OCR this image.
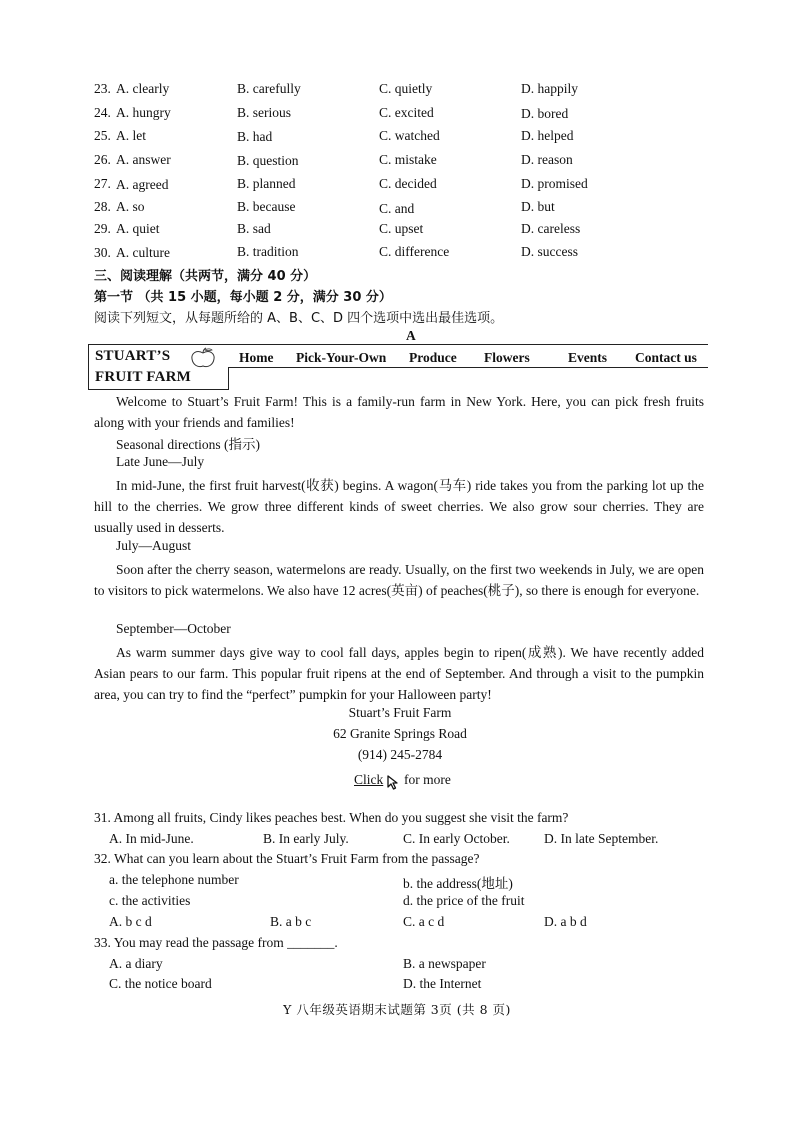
23. A. clearly	B. carefully	C. quietly	D. happily
24. A. hungry	B. serious	C. excited	D. bored
25. A. let	B. had	C. watched	D. helped
26. A. answer	B. question	C. mistake	D. reason
27. A. agreed	B. planned	C. decided	D. promised
28. A. so	B. because	C. and	D. but
29. A. quiet	B. sad	C. upset	D. careless
30. A. culture	B. tradition	C. difference	D. success
三、阅读理解（共两节，满分 40 分）
第一节 （共 15 小题，每小题 2 分，满分 30 分）
阅读下列短文，从每题所给的 A、B、C、D 四个选项中选出最佳选项。
A
STUART’S
FRUIT FARM
Home Pick-Your-Own Produce Flowers	Events Contact us
Welcome to Stuart’s Fruit Farm! This is a family-run farm in New York. Here, you can pick fresh fruits along with your friends and families!
Seasonal directions (指示)
Late June—July
In mid-June, the first fruit harvest(收获) begins. A wagon(马车) ride takes you from the parking lot up the hill to the cherries. We grow three different kinds of sweet cherries. We also grow sour cherries. They are usually used in desserts.
July—August
Soon after the cherry season, watermelons are ready. Usually, on the first two weekends in July, we are open to visitors to pick watermelons. We also have 12 acres(英亩) of peaches(桃子), so there is enough for everyone.
September—October
As warm summer days give way to cool fall days, apples begin to ripen(成熟). We have recently added Asian pears to our farm. This popular fruit ripens at the end of September. And through a visit to the pumpkin area, you can try to find the “perfect” pumpkin for your Halloween party!
Stuart’s Fruit Farm
62 Granite Springs Road
(914) 245-2784
Click for more
31. Among all fruits, Cindy likes peaches best. When do you suggest she visit the farm?
A. In mid-June.	B. In early July.	C. In early October.	D. In late September.
32. What can you learn about the Stuart’s Fruit Farm from the passage?
a. the telephone number	b. the address(地址)
c. the activities	d. the price of the fruit
A. b c d	B. a b c	C. a c d	D. a b d
33. You may read the passage from _______.
A. a diary	B. a newspaper
C. the notice board	D. the Internet
Y 八年级英语期末试题第 3页 (共 8 页)
